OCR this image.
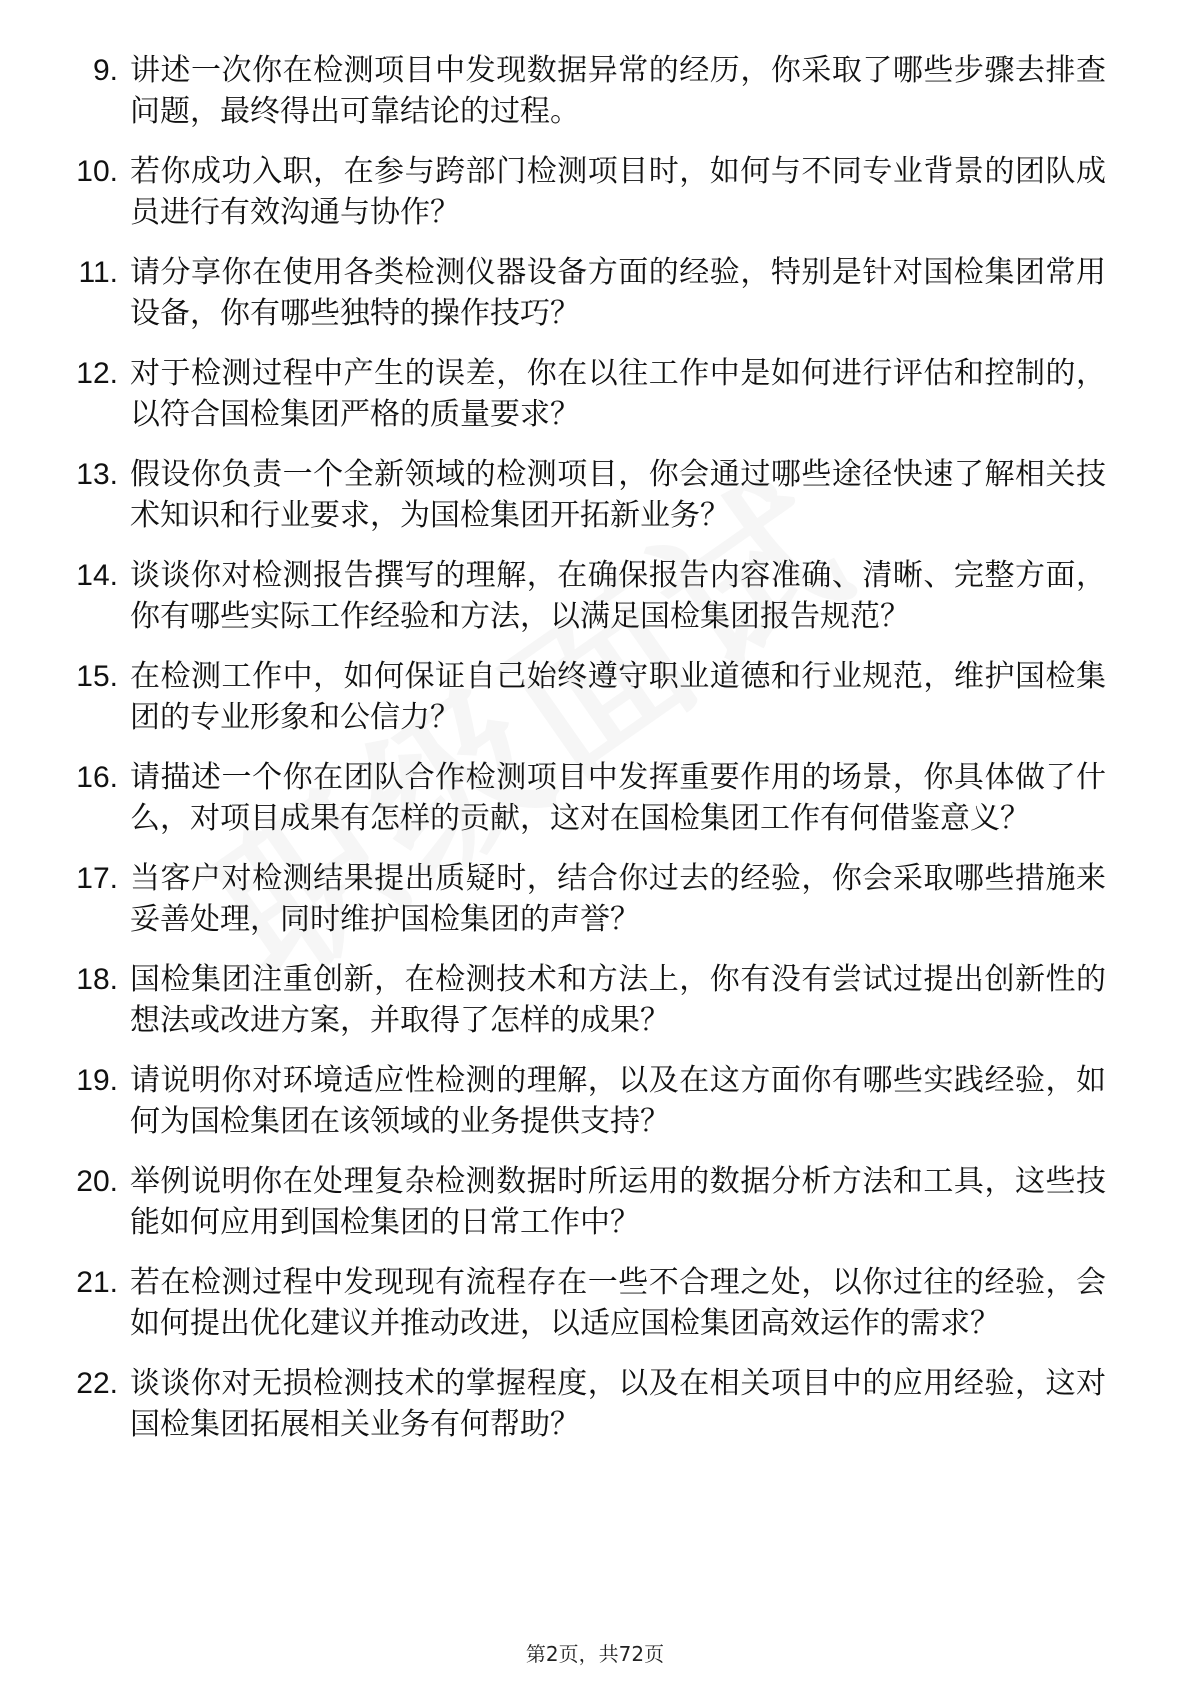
9. 讲述一次你在检测项目中发现数据异常的经历，你采取了哪些步骤去排查问题，最终得出可靠结论的过程。
10. 若你成功入职，在参与跨部门检测项目时，如何与不同专业背景的团队成员进行有效沟通与协作？
11. 请分享你在使用各类检测仪器设备方面的经验，特别是针对国检集团常用设备，你有哪些独特的操作技巧？
12. 对于检测过程中产生的误差，你在以往工作中是如何进行评估和控制的，以符合国检集团严格的质量要求？
13. 假设你负责一个全新领域的检测项目，你会通过哪些途径快速了解相关技术知识和行业要求，为国检集团开拓新业务？
14. 谈谈你对检测报告撰写的理解，在确保报告内容准确、清晰、完整方面，你有哪些实际工作经验和方法，以满足国检集团报告规范？
15. 在检测工作中，如何保证自己始终遵守职业道德和行业规范，维护国检集团的专业形象和公信力？
16. 请描述一个你在团队合作检测项目中发挥重要作用的场景，你具体做了什么，对项目成果有怎样的贡献，这对在国检集团工作有何借鉴意义？
17. 当客户对检测结果提出质疑时，结合你过去的经验，你会采取哪些措施来妥善处理，同时维护国检集团的声誉？
18. 国检集团注重创新，在检测技术和方法上，你有没有尝试过提出创新性的想法或改进方案，并取得了怎样的成果？
19. 请说明你对环境适应性检测的理解，以及在这方面你有哪些实践经验，如何为国检集团在该领域的业务提供支持？
20. 举例说明你在处理复杂检测数据时所运用的数据分析方法和工具，这些技能如何应用到国检集团的日常工作中？
21. 若在检测过程中发现现有流程存在一些不合理之处，以你过往的经验，会如何提出优化建议并推动改进，以适应国检集团高效运作的需求？
22. 谈谈你对无损检测技术的掌握程度，以及在相关项目中的应用经验，这对国检集团拓展相关业务有何帮助？
第2页，共72页
